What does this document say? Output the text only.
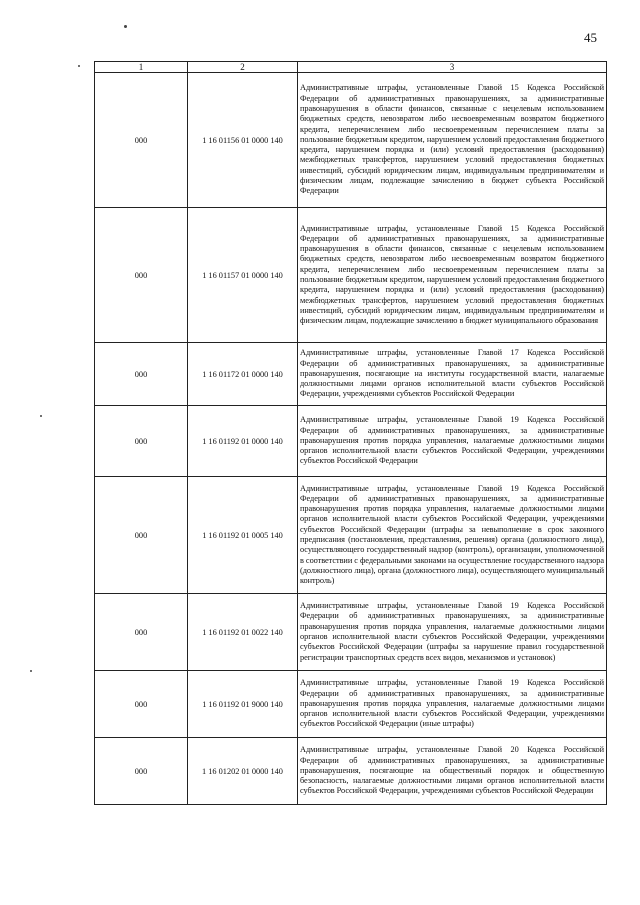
45
1	2	3
000	1 16 01156 01 0000 140	Административные штрафы, установленные Главой 15 Кодекса Российской Федерации об административных правонарушениях, за административные правонарушения в области финансов, связанные с нецелевым использованием бюджетных средств, невозвратом либо несвоевременным возвратом бюджетного кредита, неперечислением либо несвоевременным перечислением платы за пользование бюджетным кредитом, нарушением условий предоставления бюджетного кредита, нарушением порядка и (или) условий предоставления (расходования) межбюджетных трансфертов, нарушением условий предоставления бюджетных инвестиций, субсидий юридическим лицам, индивидуальным предпринимателям и физическим лицам, подлежащие зачислению в бюджет субъекта Российской Федерации
000	1 16 01157 01 0000 140	Административные штрафы, установленные Главой 15 Кодекса Российской Федерации об административных правонарушениях, за административные правонарушения в области финансов, связанные с нецелевым использованием бюджетных средств, невозвратом либо несвоевременным возвратом бюджетного кредита, неперечислением либо несвоевременным перечислением платы за пользование бюджетным кредитом, нарушением условий предоставления бюджетного кредита, нарушением порядка и (или) условий предоставления (расходования) межбюджетных трансфертов, нарушением условий предоставления бюджетных инвестиций, субсидий юридическим лицам, индивидуальным предпринимателям и физическим лицам, подлежащие зачислению в бюджет муниципального образования
000	1 16 01172 01 0000 140	Административные штрафы, установленные Главой 17 Кодекса Российской Федерации об административных правонарушениях, за административные правонарушения, посягающие на институты государственной власти, налагаемые должностными лицами органов исполнительной власти субъектов Российской Федерации, учреждениями субъектов Российской Федерации
000	1 16 01192 01 0000 140	Административные штрафы, установленные Главой 19 Кодекса Российской Федерации об административных правонарушениях, за административные правонарушения против порядка управления, налагаемые должностными лицами органов исполнительной власти субъектов Российской Федерации, учреждениями субъектов Российской Федерации
000	1 16 01192 01 0005 140	Административные штрафы, установленные Главой 19 Кодекса Российской Федерации об административных правонарушениях, за административные правонарушения против порядка управления, налагаемые должностными лицами органов исполнительной власти субъектов Российской Федерации, учреждениями субъектов Российской Федерации (штрафы за невыполнение в срок законного предписания (постановления, представления, решения) органа (должностного лица), осуществляющего государственный надзор (контроль), организации, уполномоченной в соответствии с федеральными законами на осуществление государственного надзора (должностного лица), органа (должностного лица), осуществляющего муниципальный контроль)
000	1 16 01192 01 0022 140	Административные штрафы, установленные Главой 19 Кодекса Российской Федерации об административных правонарушениях, за административные правонарушения против порядка управления, налагаемые должностными лицами органов исполнительной власти субъектов Российской Федерации, учреждениями субъектов Российской Федерации (штрафы за нарушение правил государственной регистрации транспортных средств всех видов, механизмов и установок)
000	1 16 01192 01 9000 140	Административные штрафы, установленные Главой 19 Кодекса Российской Федерации об административных правонарушениях, за административные правонарушения против порядка управления, налагаемые должностными лицами органов исполнительной власти субъектов Российской Федерации, учреждениями субъектов Российской Федерации (иные штрафы)
000	1 16 01202 01 0000 140	Административные штрафы, установленные Главой 20 Кодекса Российской Федерации об административных правонарушениях, за административные правонарушения, посягающие на общественный порядок и общественную безопасность, налагаемые должностными лицами органов исполнительной власти субъектов Российской Федерации, учреждениями субъектов Российской Федерации
